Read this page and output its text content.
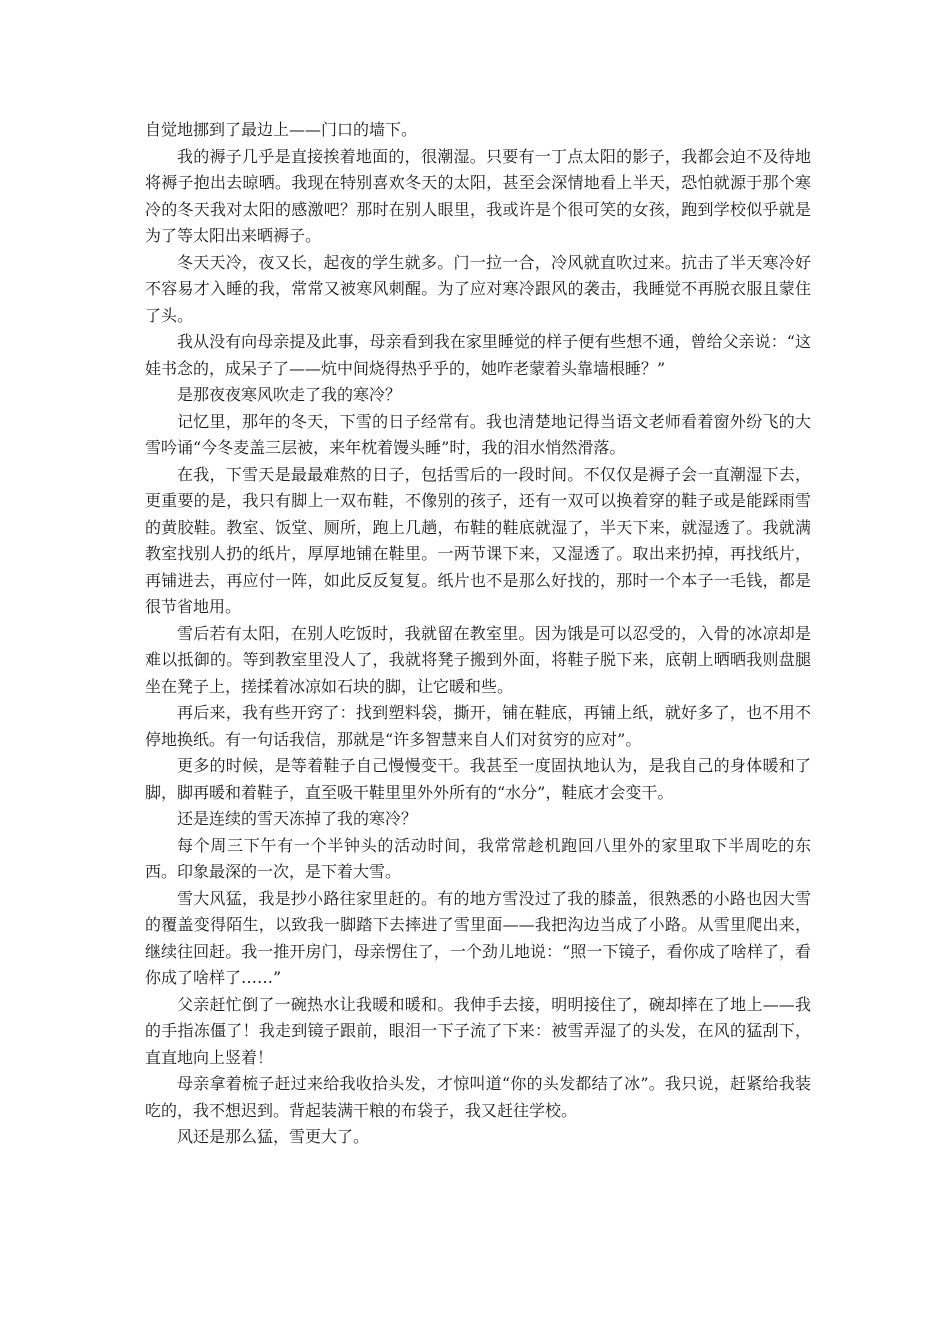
自觉地挪到了最边上——门口的墙下。

我的褥子几乎是直接挨着地面的，很潮湿。只要有一丁点太阳的影子，我都会迫不及待地将褥子抱出去晾晒。我现在特别喜欢冬天的太阳，甚至会深情地看上半天，恐怕就源于那个寒冷的冬天我对太阳的感激吧？那时在别人眼里，我或许是个很可笑的女孩，跑到学校似乎就是为了等太阳出来晒褥子。

冬天天冷，夜又长，起夜的学生就多。门一拉一合，冷风就直吹过来。抗击了半天寒冷好不容易才入睡的我，常常又被寒风刺醒。为了应对寒冷跟风的袭击，我睡觉不再脱衣服且蒙住了头。

我从没有向母亲提及此事，母亲看到我在家里睡觉的样子便有些想不通，曾给父亲说：“这娃书念的，成呆子了——炕中间烧得热乎乎的，她咋老蒙着头靠墙根睡？”

是那夜夜寒风吹走了我的寒冷？

记忆里，那年的冬天，下雪的日子经常有。我也清楚地记得当语文老师看着窗外纷飞的大雪吟诵“今冬麦盖三层被，来年枕着馒头睡”时，我的泪水悄然滑落。

在我，下雪天是最最难熬的日子，包括雪后的一段时间。不仅仅是褥子会一直潮湿下去，更重要的是，我只有脚上一双布鞋，不像别的孩子，还有一双可以换着穿的鞋子或是能踩雨雪的黄胶鞋。教室、饭堂、厕所，跑上几趟，布鞋的鞋底就湿了，半天下来，就湿透了。我就满教室找别人扔的纸片，厚厚地铺在鞋里。一两节课下来，又湿透了。取出来扔掉，再找纸片，再铺进去，再应付一阵，如此反反复复。纸片也不是那么好找的，那时一个本子一毛钱，都是很节省地用。

雪后若有太阳，在别人吃饭时，我就留在教室里。因为饿是可以忍受的，入骨的冰凉却是难以抵御的。等到教室里没人了，我就将凳子搬到外面，将鞋子脱下来，底朝上晒晒我则盘腿坐在凳子上，搓揉着冰凉如石块的脚，让它暖和些。

再后来，我有些开窍了：找到塑料袋，撕开，铺在鞋底，再铺上纸，就好多了，也不用不停地换纸。有一句话我信，那就是“许多智慧来自人们对贫穷的应对”。

更多的时候，是等着鞋子自己慢慢变干。我甚至一度固执地认为，是我自己的身体暖和了脚，脚再暖和着鞋子，直至吸干鞋里里外外所有的“水分”，鞋底才会变干。

还是连续的雪天冻掉了我的寒冷？

每个周三下午有一个半钟头的活动时间，我常常趁机跑回八里外的家里取下半周吃的东西。印象最深的一次，是下着大雪。

雪大风猛，我是抄小路往家里赶的。有的地方雪没过了我的膝盖，很熟悉的小路也因大雪的覆盖变得陌生，以致我一脚踏下去摔进了雪里面——我把沟边当成了小路。从雪里爬出来，继续往回赶。我一推开房门，母亲愣住了，一个劲儿地说：“照一下镜子，看你成了啥样了，看你成了啥样了……”

父亲赶忙倒了一碗热水让我暖和暖和。我伸手去接，明明接住了，碗却摔在了地上——我的手指冻僵了！我走到镜子跟前，眼泪一下子流了下来：被雪弄湿了的头发，在风的猛刮下，直直地向上竖着！

母亲拿着梳子赶过来给我收拾头发，才惊叫道“你的头发都结了冰”。我只说，赶紧给我装吃的，我不想迟到。背起装满干粮的布袋子，我又赶往学校。

风还是那么猛，雪更大了。
